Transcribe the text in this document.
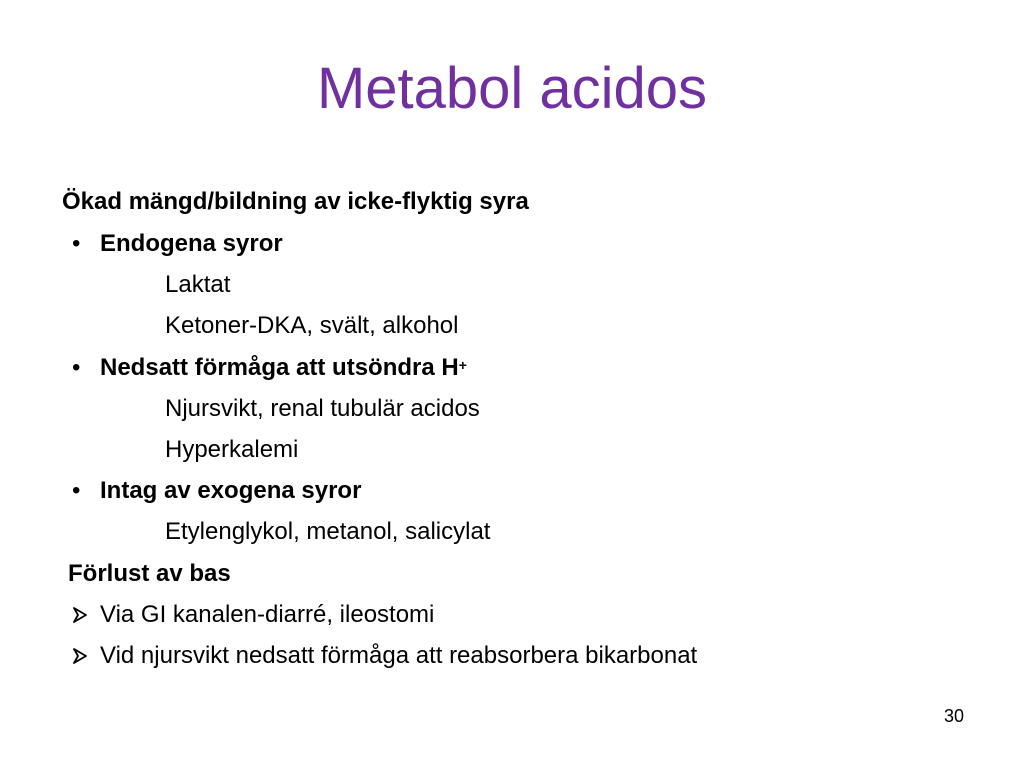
Metabol acidos
Ökad mängd/bildning av icke-flyktig syra
• Endogena syror
Laktat
Ketoner-DKA, svält, alkohol
• Nedsatt förmåga att utsöndra H+
Njursvikt, renal tubulär acidos
Hyperkalemi
• Intag av exogena syror
Etylenglykol, metanol, salicylat
Förlust av bas
Via GI kanalen-diarré, ileostomi
Vid njursvikt nedsatt förmåga att reabsorbera bikarbonat
30
